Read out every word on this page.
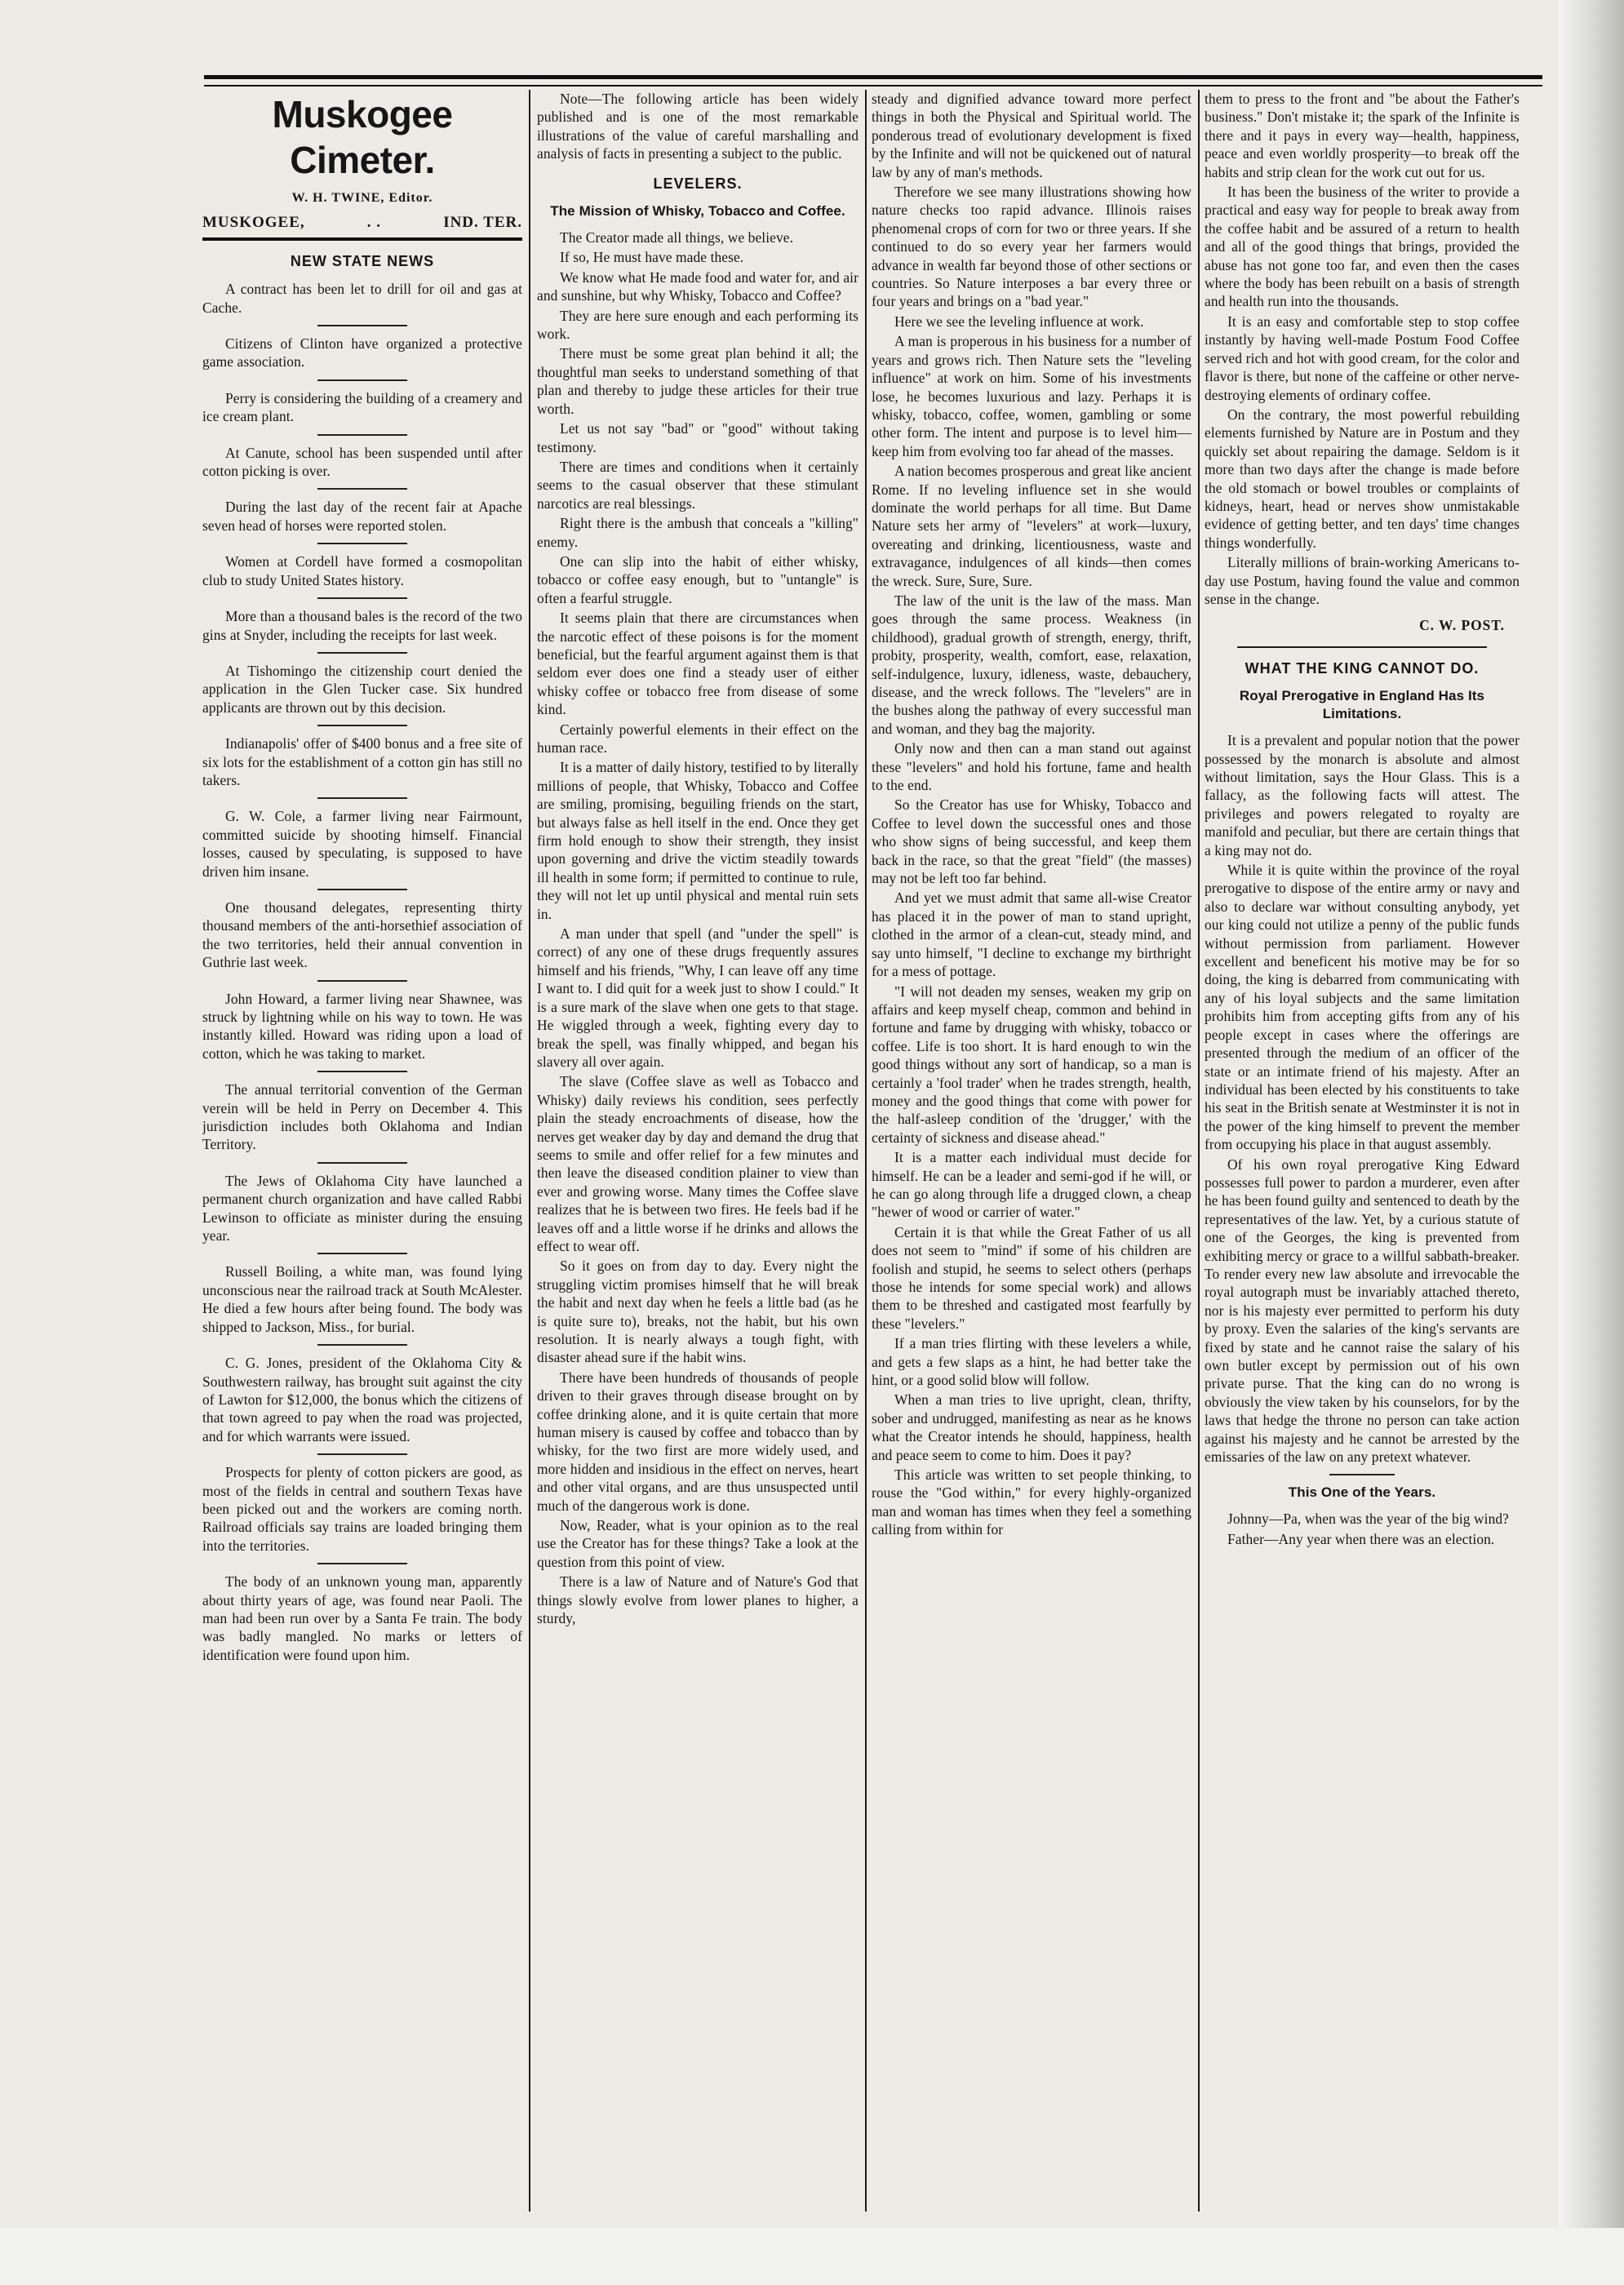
Muskogee Cimeter.
W. H. TWINE, Editor.
MUSKOGEE,	. .	IND. TER.
NEW STATE NEWS

A contract has been let to drill for oil and gas at Cache.

Citizens of Clinton have organized a protective game association.

Perry is considering the building of a creamery and ice cream plant.

At Canute, school has been suspended until after cotton picking is over.

During the last day of the recent fair at Apache seven head of horses were reported stolen.

Women at Cordell have formed a cosmopolitan club to study United States history.

More than a thousand bales is the record of the two gins at Snyder, including the receipts for last week.

At Tishomingo the citizenship court denied the application in the Glen Tucker case. Six hundred applicants are thrown out by this decision.

Indianapolis' offer of $400 bonus and a free site of six lots for the establishment of a cotton gin has still no takers.

G. W. Cole, a farmer living near Fairmount, committed suicide by shooting himself. Financial losses, caused by speculating, is supposed to have driven him insane.

One thousand delegates, representing thirty thousand members of the anti-horsethief association of the two territories, held their annual convention in Guthrie last week.

John Howard, a farmer living near Shawnee, was struck by lightning while on his way to town. He was instantly killed. Howard was riding upon a load of cotton, which he was taking to market.

The annual territorial convention of the German verein will be held in Perry on December 4. This jurisdiction includes both Oklahoma and Indian Territory.

The Jews of Oklahoma City have launched a permanent church organization and have called Rabbi Lewinson to officiate as minister during the ensuing year.

Russell Boiling, a white man, was found lying unconscious near the railroad track at South McAlester. He died a few hours after being found. The body was shipped to Jackson, Miss., for burial.

C. G. Jones, president of the Oklahoma City & Southwestern railway, has brought suit against the city of Lawton for $12,000, the bonus which the citizens of that town agreed to pay when the road was projected, and for which warrants were issued.

Prospects for plenty of cotton pickers are good, as most of the fields in central and southern Texas have been picked out and the workers are coming north. Railroad officials say trains are loaded bringing them into the territories.

The body of an unknown young man, apparently about thirty years of age, was found near Paoli. The man had been run over by a Santa Fe train. The body was badly mangled. No marks or letters of identification were found upon him.

Note—The following article has been widely published and is one of the most remarkable illustrations of the value of careful marshalling and analysis of facts in presenting a subject to the public.

LEVELERS.
The Mission of Whisky, Tobacco and Coffee.

The Creator made all things, we believe.

If so, He must have made these.

We know what He made food and water for, and air and sunshine, but why Whisky, Tobacco and Coffee?

They are here sure enough and each performing its work.

There must be some great plan behind it all; the thoughtful man seeks to understand something of that plan and thereby to judge these articles for their true worth.

Let us not say "bad" or "good" without taking testimony.

There are times and conditions when it certainly seems to the casual observer that these stimulant narcotics are real blessings.

Right there is the ambush that conceals a "killing" enemy.

One can slip into the habit of either whisky, tobacco or coffee easy enough, but to "untangle" is often a fearful struggle.

It seems plain that there are circumstances when the narcotic effect of these poisons is for the moment beneficial, but the fearful argument against them is that seldom ever does one find a steady user of either whisky coffee or tobacco free from disease of some kind.

Certainly powerful elements in their effect on the human race.

It is a matter of daily history, testified to by literally millions of people, that Whisky, Tobacco and Coffee are smiling, promising, beguiling friends on the start, but always false as hell itself in the end. Once they get firm hold enough to show their strength, they insist upon governing and drive the victim steadily towards ill health in some form; if permitted to continue to rule, they will not let up until physical and mental ruin sets in.

A man under that spell (and "under the spell" is correct) of any one of these drugs frequently assures himself and his friends, "Why, I can leave off any time I want to. I did quit for a week just to show I could." It is a sure mark of the slave when one gets to that stage. He wiggled through a week, fighting every day to break the spell, was finally whipped, and began his slavery all over again.

The slave (Coffee slave as well as Tobacco and Whisky) daily reviews his condition, sees perfectly plain the steady encroachments of disease, how the nerves get weaker day by day and demand the drug that seems to smile and offer relief for a few minutes and then leave the diseased condition plainer to view than ever and growing worse. Many times the Coffee slave realizes that he is between two fires. He feels bad if he leaves off and a little worse if he drinks and allows the effect to wear off.

So it goes on from day to day. Every night the struggling victim promises himself that he will break the habit and next day when he feels a little bad (as he is quite sure to), breaks, not the habit, but his own resolution. It is nearly always a tough fight, with disaster ahead sure if the habit wins.

There have been hundreds of thousands of people driven to their graves through disease brought on by coffee drinking alone, and it is quite certain that more human misery is caused by coffee and tobacco than by whisky, for the two first are more widely used, and more hidden and insidious in the effect on nerves, heart and other vital organs, and are thus unsuspected until much of the dangerous work is done.

Now, Reader, what is your opinion as to the real use the Creator has for these things? Take a look at the question from this point of view.

There is a law of Nature and of Nature's God that things slowly evolve from lower planes to higher, a sturdy,

steady and dignified advance toward more perfect things in both the Physical and Spiritual world. The ponderous tread of evolutionary development is fixed by the Infinite and will not be quickened out of natural law by any of man's methods.

Therefore we see many illustrations showing how nature checks too rapid advance. Illinois raises phenomenal crops of corn for two or three years. If she continued to do so every year her farmers would advance in wealth far beyond those of other sections or countries. So Nature interposes a bar every three or four years and brings on a "bad year."

Here we see the leveling influence at work.

A man is properous in his business for a number of years and grows rich. Then Nature sets the "leveling influence" at work on him. Some of his investments lose, he becomes luxurious and lazy. Perhaps it is whisky, tobacco, coffee, women, gambling or some other form. The intent and purpose is to level him—keep him from evolving too far ahead of the masses.

A nation becomes prosperous and great like ancient Rome. If no leveling influence set in she would dominate the world perhaps for all time. But Dame Nature sets her army of "levelers" at work—luxury, overeating and drinking, licentiousness, waste and extravagance, indulgences of all kinds—then comes the wreck. Sure, Sure, Sure.

The law of the unit is the law of the mass. Man goes through the same process. Weakness (in childhood), gradual growth of strength, energy, thrift, probity, prosperity, wealth, comfort, ease, relaxation, self-indulgence, luxury, idleness, waste, debauchery, disease, and the wreck follows. The "levelers" are in the bushes along the pathway of every successful man and woman, and they bag the majority.

Only now and then can a man stand out against these "levelers" and hold his fortune, fame and health to the end.

So the Creator has use for Whisky, Tobacco and Coffee to level down the successful ones and those who show signs of being successful, and keep them back in the race, so that the great "field" (the masses) may not be left too far behind.

And yet we must admit that same all-wise Creator has placed it in the power of man to stand upright, clothed in the armor of a clean-cut, steady mind, and say unto himself, "I decline to exchange my birthright for a mess of pottage.

"I will not deaden my senses, weaken my grip on affairs and keep myself cheap, common and behind in fortune and fame by drugging with whisky, tobacco or coffee. Life is too short. It is hard enough to win the good things without any sort of handicap, so a man is certainly a 'fool trader' when he trades strength, health, money and the good things that come with power for the half-asleep condition of the 'drugger,' with the certainty of sickness and disease ahead."

It is a matter each individual must decide for himself. He can be a leader and semi-god if he will, or he can go along through life a drugged clown, a cheap "hewer of wood or carrier of water."

Certain it is that while the Great Father of us all does not seem to "mind" if some of his children are foolish and stupid, he seems to select others (perhaps those he intends for some special work) and allows them to be threshed and castigated most fearfully by these "levelers."

If a man tries flirting with these levelers a while, and gets a few slaps as a hint, he had better take the hint, or a good solid blow will follow.

When a man tries to live upright, clean, thrifty, sober and undrugged, manifesting as near as he knows what the Creator intends he should, happiness, health and peace seem to come to him. Does it pay?

This article was written to set people thinking, to rouse the "God within," for every highly-organized man and woman has times when they feel a something calling from within for

them to press to the front and "be about the Father's business." Don't mistake it; the spark of the Infinite is there and it pays in every way—health, happiness, peace and even worldly prosperity—to break off the habits and strip clean for the work cut out for us.

It has been the business of the writer to provide a practical and easy way for people to break away from the coffee habit and be assured of a return to health and all of the good things that brings, provided the abuse has not gone too far, and even then the cases where the body has been rebuilt on a basis of strength and health run into the thousands.

It is an easy and comfortable step to stop coffee instantly by having well-made Postum Food Coffee served rich and hot with good cream, for the color and flavor is there, but none of the caffeine or other nerve-destroying elements of ordinary coffee.

On the contrary, the most powerful rebuilding elements furnished by Nature are in Postum and they quickly set about repairing the damage. Seldom is it more than two days after the change is made before the old stomach or bowel troubles or complaints of kidneys, heart, head or nerves show unmistakable evidence of getting better, and ten days' time changes things wonderfully.

Literally millions of brain-working Americans to-day use Postum, having found the value and common sense in the change.

C. W. POST.
WHAT THE KING CANNOT DO.
Royal Prerogative in England Has Its Limitations.

It is a prevalent and popular notion that the power possessed by the monarch is absolute and almost without limitation, says the Hour Glass. This is a fallacy, as the following facts will attest. The privileges and powers relegated to royalty are manifold and peculiar, but there are certain things that a king may not do.

While it is quite within the province of the royal prerogative to dispose of the entire army or navy and also to declare war without consulting anybody, yet our king could not utilize a penny of the public funds without permission from parliament. However excellent and beneficent his motive may be for so doing, the king is debarred from communicating with any of his loyal subjects and the same limitation prohibits him from accepting gifts from any of his people except in cases where the offerings are presented through the medium of an officer of the state or an intimate friend of his majesty. After an individual has been elected by his constituents to take his seat in the British senate at Westminster it is not in the power of the king himself to prevent the member from occupying his place in that august assembly.

Of his own royal prerogative King Edward possesses full power to pardon a murderer, even after he has been found guilty and sentenced to death by the representatives of the law. Yet, by a curious statute of one of the Georges, the king is prevented from exhibiting mercy or grace to a willful sabbath-breaker. To render every new law absolute and irrevocable the royal autograph must be invariably attached thereto, nor is his majesty ever permitted to perform his duty by proxy. Even the salaries of the king's servants are fixed by state and he cannot raise the salary of his own butler except by permission out of his own private purse. That the king can do no wrong is obviously the view taken by his counselors, for by the laws that hedge the throne no person can take action against his majesty and he cannot be arrested by the emissaries of the law on any pretext whatever.

This One of the Years.

Johnny—Pa, when was the year of the big wind?

Father—Any year when there was an election.
